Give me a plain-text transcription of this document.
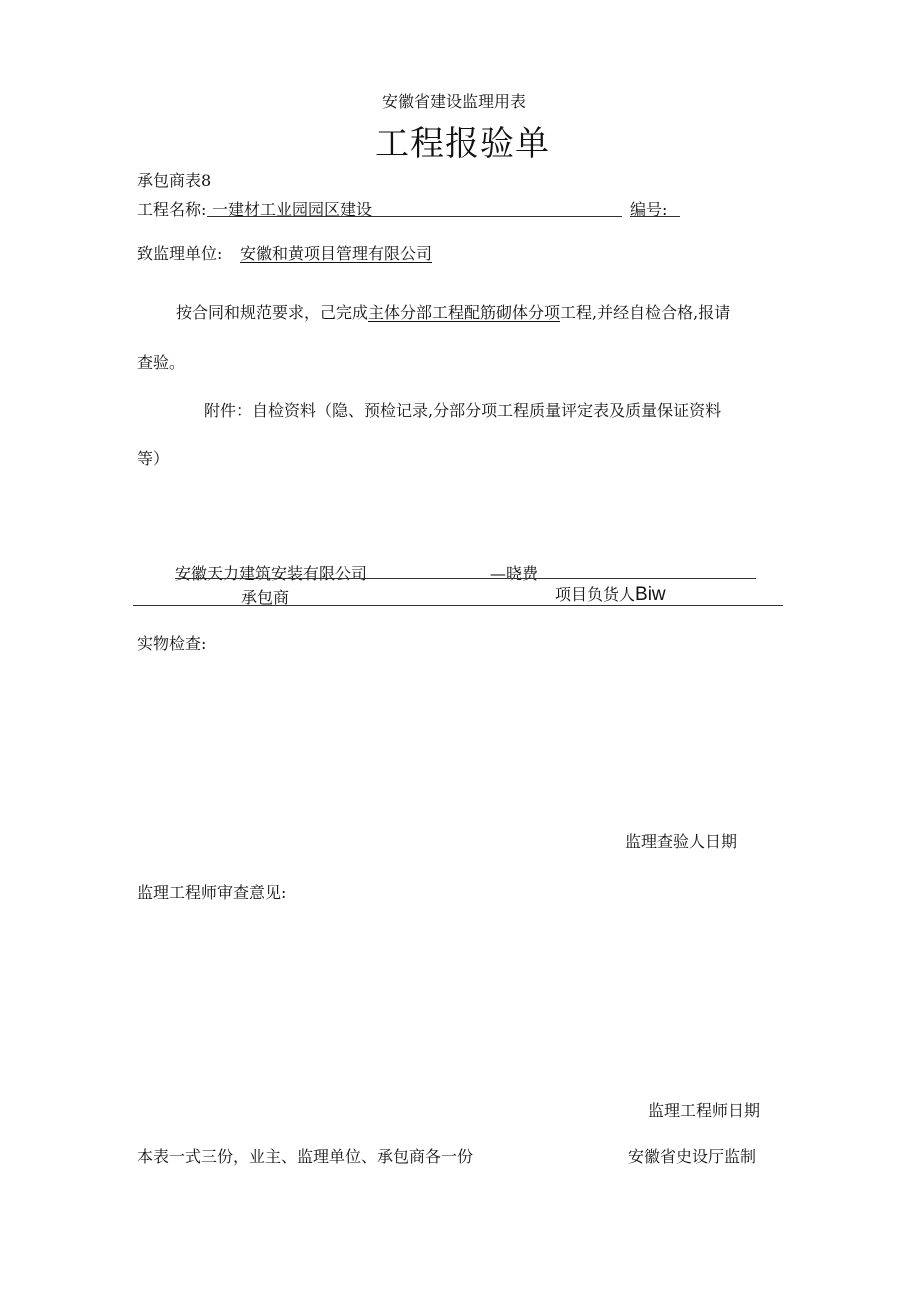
安徽省建设监理用表
工程报验单
承包商表8
工程名称: 一建材工业园园区建设	编号:
致监理单位: 安徽和黄项目管理有限公司
按合同和规范要求，己完成主体分部工程配筋砌体分项工程,并经自检合格,报请
查验。
附件：自检资料（隐、预检记录,分部分项工程质量评定表及质量保证资料
等）
安徽天力建筑安装有限公司	—晓费
承包商	项目负货人Biw
实物检查:
监理查验人日期
监理工程师审查意见:
监理工程师日期
本表一式三份，业主、监理单位、承包商各一份	安徽省史设厅监制
